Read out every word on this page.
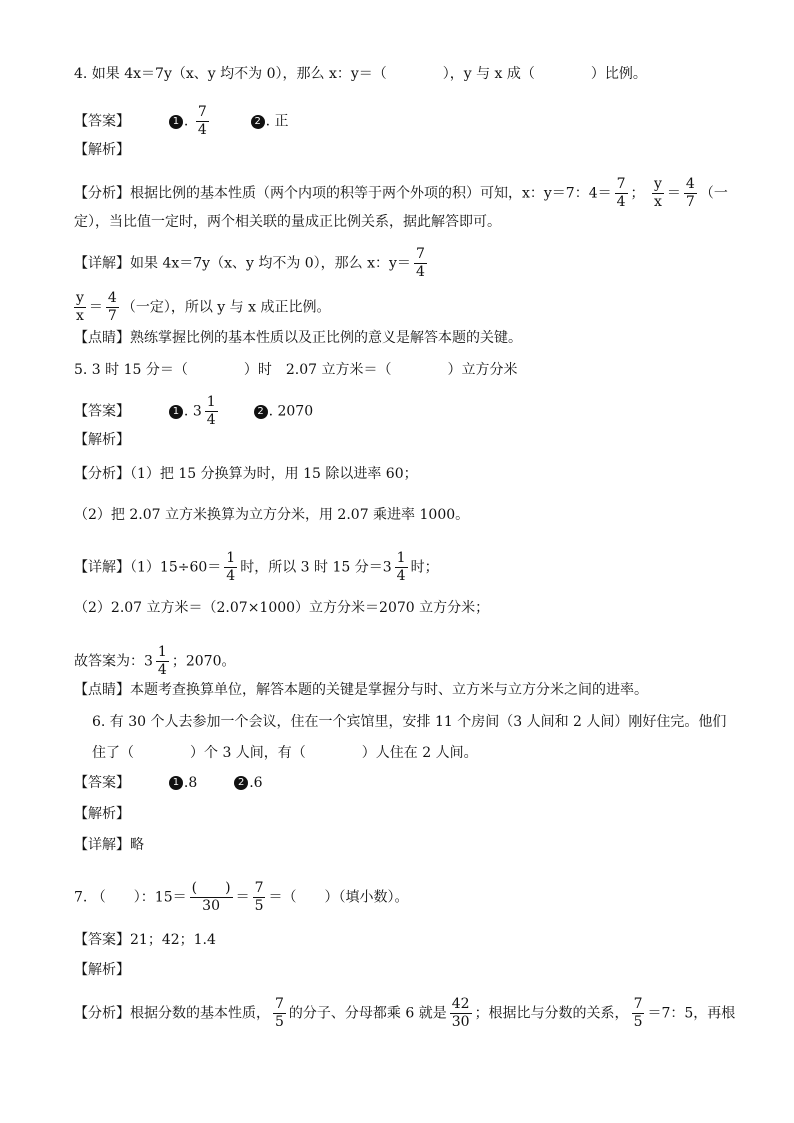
4. 如果 4x＝7y（x、y 均不为 0），那么 x：y＝（　　　　），y 与 x 成（　　　　）比例。
【答案】	1 . $\frac{7}{4}$	2 . 正
【解析】
【分析】根据比例的基本性质（两个内项的积等于两个外项的积）可知，x：y＝7：$4= \frac{7}{4}$ ； $\frac{y}{x} = \frac{4}{7}$ （一
定），当比值一定时，两个相关联的量成正比例关系，据此解答即可。
【详解】如果 4x＝7y（x、y 均不为 0），那么 x：$y= \frac{7}{4}$
$\frac{y}{x} = \frac{4}{7}$ （一定），所以 y 与 x 成正比例。
【点睛】熟练掌握比例的基本性质以及正比例的意义是解答本题的关键。
5. 3 时 15 分＝（　　　　）时　2.07 立方米＝（　　　　）立方分米
【答案】	1 . $3 \frac{1}{4}$	2 . 2070
【解析】
【分析】（1）把 15 分换算为时，用 15 除以进率 60；
（2）把 2.07 立方米换算为立方分米，用 2.07 乘进率 1000。
【详解】$(1)15\div 60= \frac{1}{4}$ 时，所以 3 时 15 分$=3 \frac{1}{4}$ 时；
（2）2.07 立方米＝（2.07×1000）立方分米＝2070 立方分米；
故答案为：$3 \frac{1}{4}$ ；2070。
【点睛】本题考查换算单位，解答本题的关键是掌握分与时、立方米与立方分米之间的进率。
6. 有 30 个人去参加一个会议，住在一个宾馆里，安排 11 个房间（3 人间和 2 人间）刚好住完。他们
住了（　　　　）个 3 人间，有（　　　　）人住在 2 人间。
【答案】	1 .8	2 .6
【解析】
【详解】略
7. （　　）：$15= \frac{( )}{30} = \frac{7}{5}$ ＝（　　）（填小数）。
【答案】21；42；1.4
【解析】
【分析】根据分数的基本性质， $\frac{7}{5}$ 的分子、分母都乘 6 就是 $\frac{42}{30}$ ；根据比与分数的关系， $\frac{7}{5} =7$：5，再根
